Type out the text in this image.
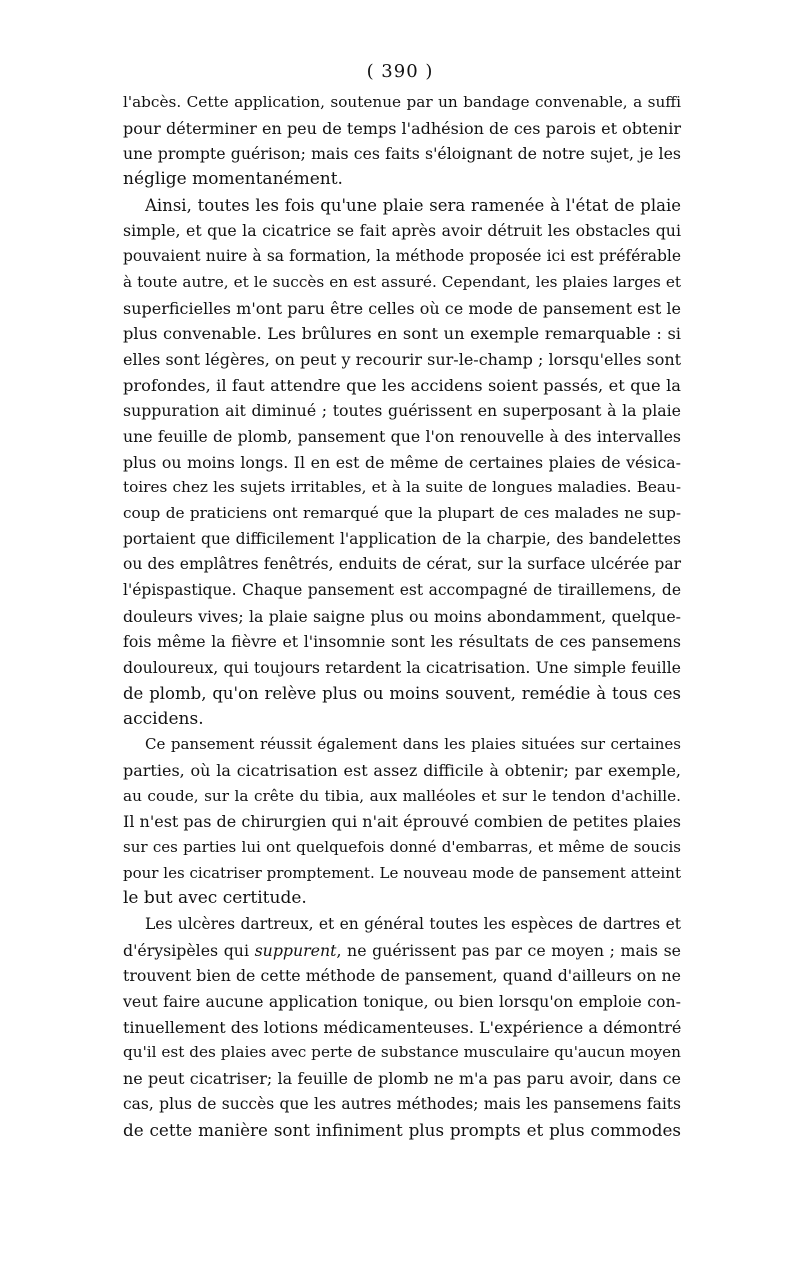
( 390 )
l'abcès. Cette application, soutenue par un bandage convenable, a suffi
pour déterminer en peu de temps l'adhésion de ces parois et obtenir
une prompte guérison; mais ces faits s'éloignant de notre sujet, je les
néglige momentanément.
Ainsi, toutes les fois qu'une plaie sera ramenée à l'état de plaie
simple, et que la cicatrice se fait après avoir détruit les obstacles qui
pouvaient nuire à sa formation, la méthode proposée ici est préférable
à toute autre, et le succès en est assuré. Cependant, les plaies larges et
superficielles m'ont paru être celles où ce mode de pansement est le
plus convenable. Les brûlures en sont un exemple remarquable : si
elles sont légères, on peut y recourir sur-le-champ ; lorsqu'elles sont
profondes, il faut attendre que les accidens soient passés, et que la
suppuration ait diminué ; toutes guérissent en superposant à la plaie
une feuille de plomb, pansement que l'on renouvelle à des intervalles
plus ou moins longs. Il en est de même de certaines plaies de vésica-
toires chez les sujets irritables, et à la suite de longues maladies. Beau-
coup de praticiens ont remarqué que la plupart de ces malades ne sup-
portaient que difficilement l'application de la charpie, des bandelettes
ou des emplâtres fenêtrés, enduits de cérat, sur la surface ulcérée par
l'épispastique. Chaque pansement est accompagné de tiraillemens, de
douleurs vives; la plaie saigne plus ou moins abondamment, quelque-
fois même la fièvre et l'insomnie sont les résultats de ces pansemens
douloureux, qui toujours retardent la cicatrisation. Une simple feuille
de plomb, qu'on relève plus ou moins souvent, remédie à tous ces
accidens.
Ce pansement réussit également dans les plaies situées sur certaines
parties, où la cicatrisation est assez difficile à obtenir; par exemple,
au coude, sur la crête du tibia, aux malléoles et sur le tendon d'achille.
Il n'est pas de chirurgien qui n'ait éprouvé combien de petites plaies
sur ces parties lui ont quelquefois donné d'embarras, et même de soucis
pour les cicatriser promptement. Le nouveau mode de pansement atteint
le but avec certitude.
Les ulcères dartreux, et en général toutes les espèces de dartres et
d'érysipèles qui suppurent, ne guérissent pas par ce moyen ; mais se
trouvent bien de cette méthode de pansement, quand d'ailleurs on ne
veut faire aucune application tonique, ou bien lorsqu'on emploie con-
tinuellement des lotions médicamenteuses. L'expérience a démontré
qu'il est des plaies avec perte de substance musculaire qu'aucun moyen
ne peut cicatriser; la feuille de plomb ne m'a pas paru avoir, dans ce
cas, plus de succès que les autres méthodes; mais les pansemens faits
de cette manière sont infiniment plus prompts et plus commodes
